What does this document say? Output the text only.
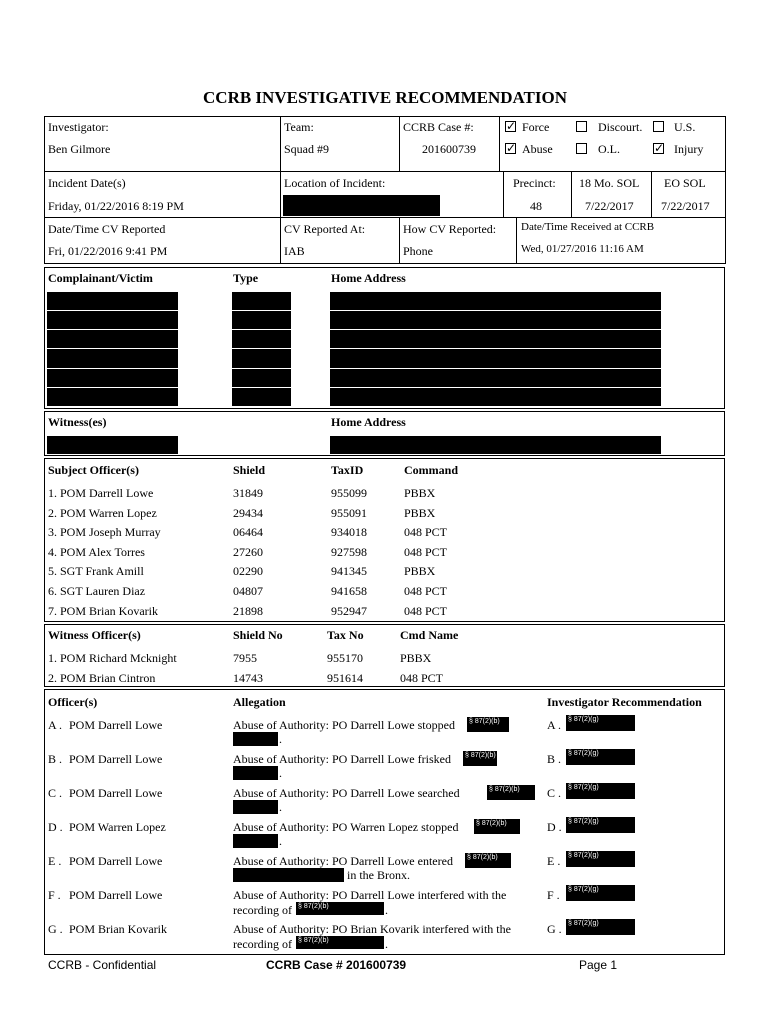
CCRB INVESTIGATIVE RECOMMENDATION
Investigator:
Ben Gilmore
Team:
Squad #9
CCRB Case #:
201600739
✓
Force	Discourt.	U.S.
✓
Abuse	O.L.
✓	Injury
Incident Date(s)
Friday, 01/22/2016 8:19 PM
Location of Incident:	Precinct:
48
18 Mo. SOL
7/22/2017
EO SOL
7/22/2017
Date/Time CV Reported
Fri, 01/22/2016 9:41 PM
CV Reported At:
IAB
How CV Reported:
Phone
Date/Time Received at CCRB
Wed, 01/27/2016 11:16 AM
Complainant/Victim	Type	Home Address
Witness(es)	Home Address
Subject Officer(s)	Shield	TaxID	Command
1. POM Darrell Lowe	31849	955099	PBBX
2. POM Warren Lopez	29434	955091	PBBX
3. POM Joseph Murray	06464	934018	048 PCT
4. POM Alex Torres	27260	927598	048 PCT
5. SGT Frank Amill	02290	941345	PBBX
6. SGT Lauren Diaz	04807	941658	048 PCT
7. POM Brian Kovarik	21898	952947	048 PCT
Witness Officer(s)	Shield No	Tax No	Cmd Name
1. POM Richard Mcknight	7955	955170	PBBX
2. POM Brian Cintron	14743	951614	048 PCT
Officer(s)	Allegation	Investigator Recommendation
A . POM Darrell Lowe	Abuse of Authority: PO Darrell Lowe stopped § 87(2)(b)
.
A . § 87(2)(g)
B . POM Darrell Lowe	Abuse of Authority: PO Darrell Lowe frisked § 87(2)(b)
.
B . § 87(2)(g)
C . POM Darrell Lowe	Abuse of Authority: PO Darrell Lowe searched	§ 87(2)(b)
.
C . § 87(2)(g)
D . POM Warren Lopez	Abuse of Authority: PO Warren Lopez stopped	§ 87(2)(b)
.
D . § 87(2)(g)
E . POM Darrell Lowe	Abuse of Authority: PO Darrell Lowe entered § 87(2)(b)
in the Bronx.
E . § 87(2)(g)
F . POM Darrell Lowe	Abuse of Authority: PO Darrell Lowe interfered with the
recording of § 87(2)(b)	.
F . § 87(2)(g)
G . POM Brian Kovarik	Abuse of Authority: PO Brian Kovarik interfered with the
recording of § 87(2)(b)	.
G . § 87(2)(g)
CCRB - Confidential	CCRB Case # 201600739	Page 1
